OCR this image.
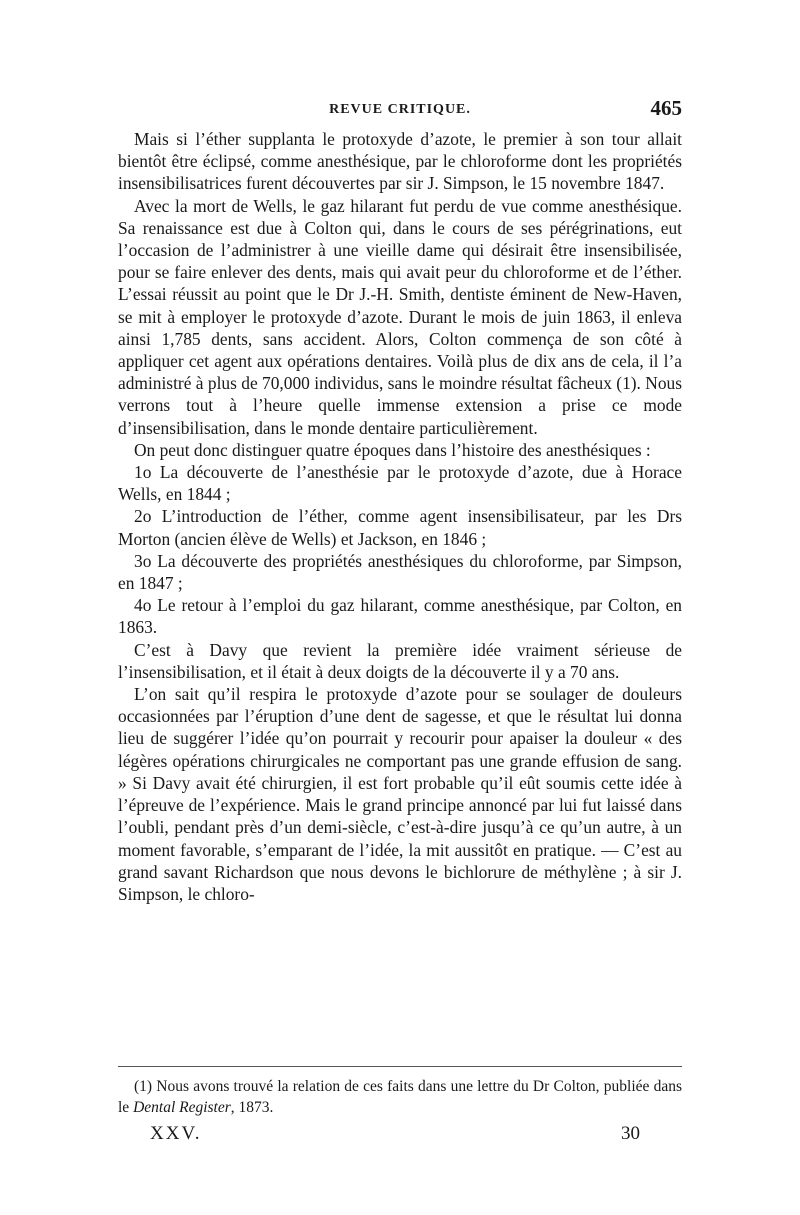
REVUE CRITIQUE.	465

Mais si l’éther supplanta le protoxyde d’azote, le premier à son tour allait bientôt être éclipsé, comme anesthésique, par le chloroforme dont les propriétés insensibilisatrices furent découvertes par sir J. Simpson, le 15 novembre 1847.

Avec la mort de Wells, le gaz hilarant fut perdu de vue comme anesthésique. Sa renaissance est due à Colton qui, dans le cours de ses pérégrinations, eut l’occasion de l’administrer à une vieille dame qui désirait être insensibilisée, pour se faire enlever des dents, mais qui avait peur du chloroforme et de l’éther. L’essai réussit au point que le Dr J.-H. Smith, dentiste éminent de New-Haven, se mit à employer le protoxyde d’azote. Durant le mois de juin 1863, il enleva ainsi 1,785 dents, sans accident. Alors, Colton commença de son côté à appliquer cet agent aux opérations dentaires. Voilà plus de dix ans de cela, il l’a administré à plus de 70,000 individus, sans le moindre résultat fâcheux (1). Nous verrons tout à l’heure quelle immense extension a prise ce mode d’insensibilisation, dans le monde dentaire particulièrement.

On peut donc distinguer quatre époques dans l’histoire des anesthésiques :

1o La découverte de l’anesthésie par le protoxyde d’azote, due à Horace Wells, en 1844 ;

2o L’introduction de l’éther, comme agent insensibilisateur, par les Drs Morton (ancien élève de Wells) et Jackson, en 1846 ;

3o La découverte des propriétés anesthésiques du chloroforme, par Simpson, en 1847 ;

4o Le retour à l’emploi du gaz hilarant, comme anesthésique, par Colton, en 1863.

C’est à Davy que revient la première idée vraiment sérieuse de l’insensibilisation, et il était à deux doigts de la découverte il y a 70 ans.

L’on sait qu’il respira le protoxyde d’azote pour se soulager de douleurs occasionnées par l’éruption d’une dent de sagesse, et que le résultat lui donna lieu de suggérer l’idée qu’on pourrait y recourir pour apaiser la douleur « des légères opérations chirurgicales ne comportant pas une grande effusion de sang. » Si Davy avait été chirurgien, il est fort probable qu’il eût soumis cette idée à l’épreuve de l’expérience. Mais le grand principe annoncé par lui fut laissé dans l’oubli, pendant près d’un demi-siècle, c’est-à-dire jusqu’à ce qu’un autre, à un moment favorable, s’emparant de l’idée, la mit aussitôt en pratique. — C’est au grand savant Richardson que nous devons le bichlorure de méthylène ; à sir J. Simpson, le chloro-

(1) Nous avons trouvé la relation de ces faits dans une lettre du Dr Colton, publiée dans le Dental Register, 1873.

XXV.	30
